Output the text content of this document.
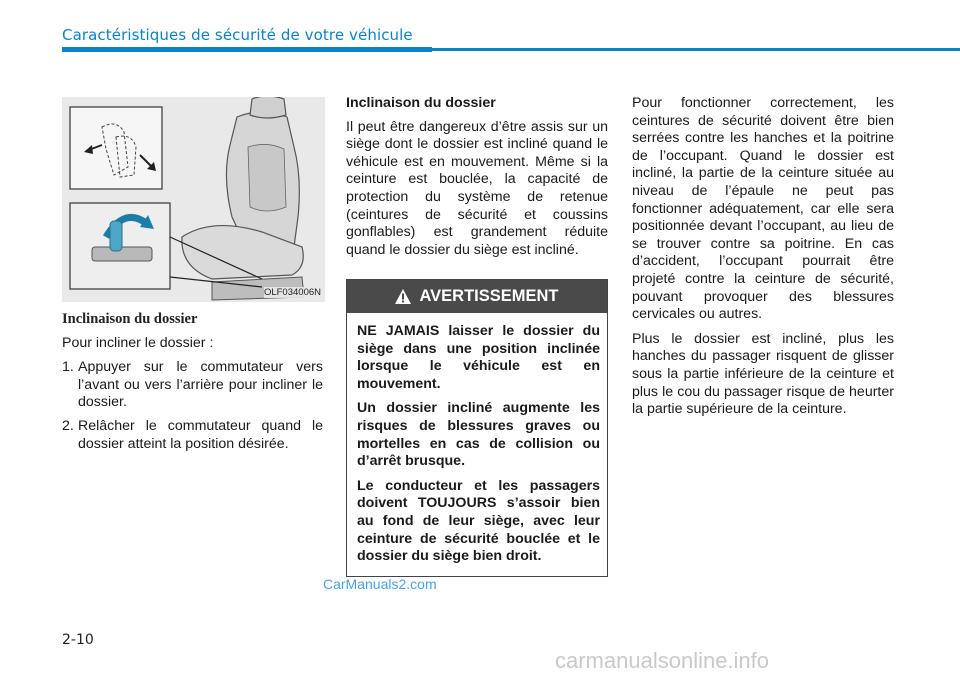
Caractéristiques de sécurité de votre véhicule
OLF034006N
Inclinaison du dossier

Pour incliner le dossier :

1. Appuyer sur le commutateur vers l’avant ou vers l’arrière pour incliner le dossier.
2. Relâcher le commutateur quand le dossier atteint la position désirée.
Inclinaison du dossier

Il peut être dangereux d’être assis sur un siège dont le dossier est incliné quand le véhicule est en mouvement. Même si la ceinture est bouclée, la capacité de protection du système de retenue (ceintures de sécurité et coussins gonflables) est grandement réduite quand le dossier du siège est incliné.

AVERTISSEMENT

NE JAMAIS laisser le dossier du siège dans une position inclinée lorsque le véhicule est en mouvement.

Un dossier incliné augmente les risques de blessures graves ou mortelles en cas de collision ou d’arrêt brusque.

Le conducteur et les passagers doivent TOUJOURS s’assoir bien au fond de leur siège, avec leur ceinture de sécurité bouclée et le dossier du siège bien droit.

Pour fonctionner correctement, les ceintures de sécurité doivent être bien serrées contre les hanches et la poitrine de l’occupant. Quand le dossier est incliné, la partie de la ceinture située au niveau de l’épaule ne peut pas fonctionner adéquatement, car elle sera positionnée devant l’occupant, au lieu de se trouver contre sa poitrine. En cas d’accident, l’occupant pourrait être projeté contre la ceinture de sécurité, pouvant provoquer des blessures cervicales ou autres.

Plus le dossier est incliné, plus les hanches du passager risquent de glisser sous la partie inférieure de la ceinture et plus le cou du passager risque de heurter la partie supérieure de la ceinture.

CarManuals2.com
2-10
carmanualsonline.info
